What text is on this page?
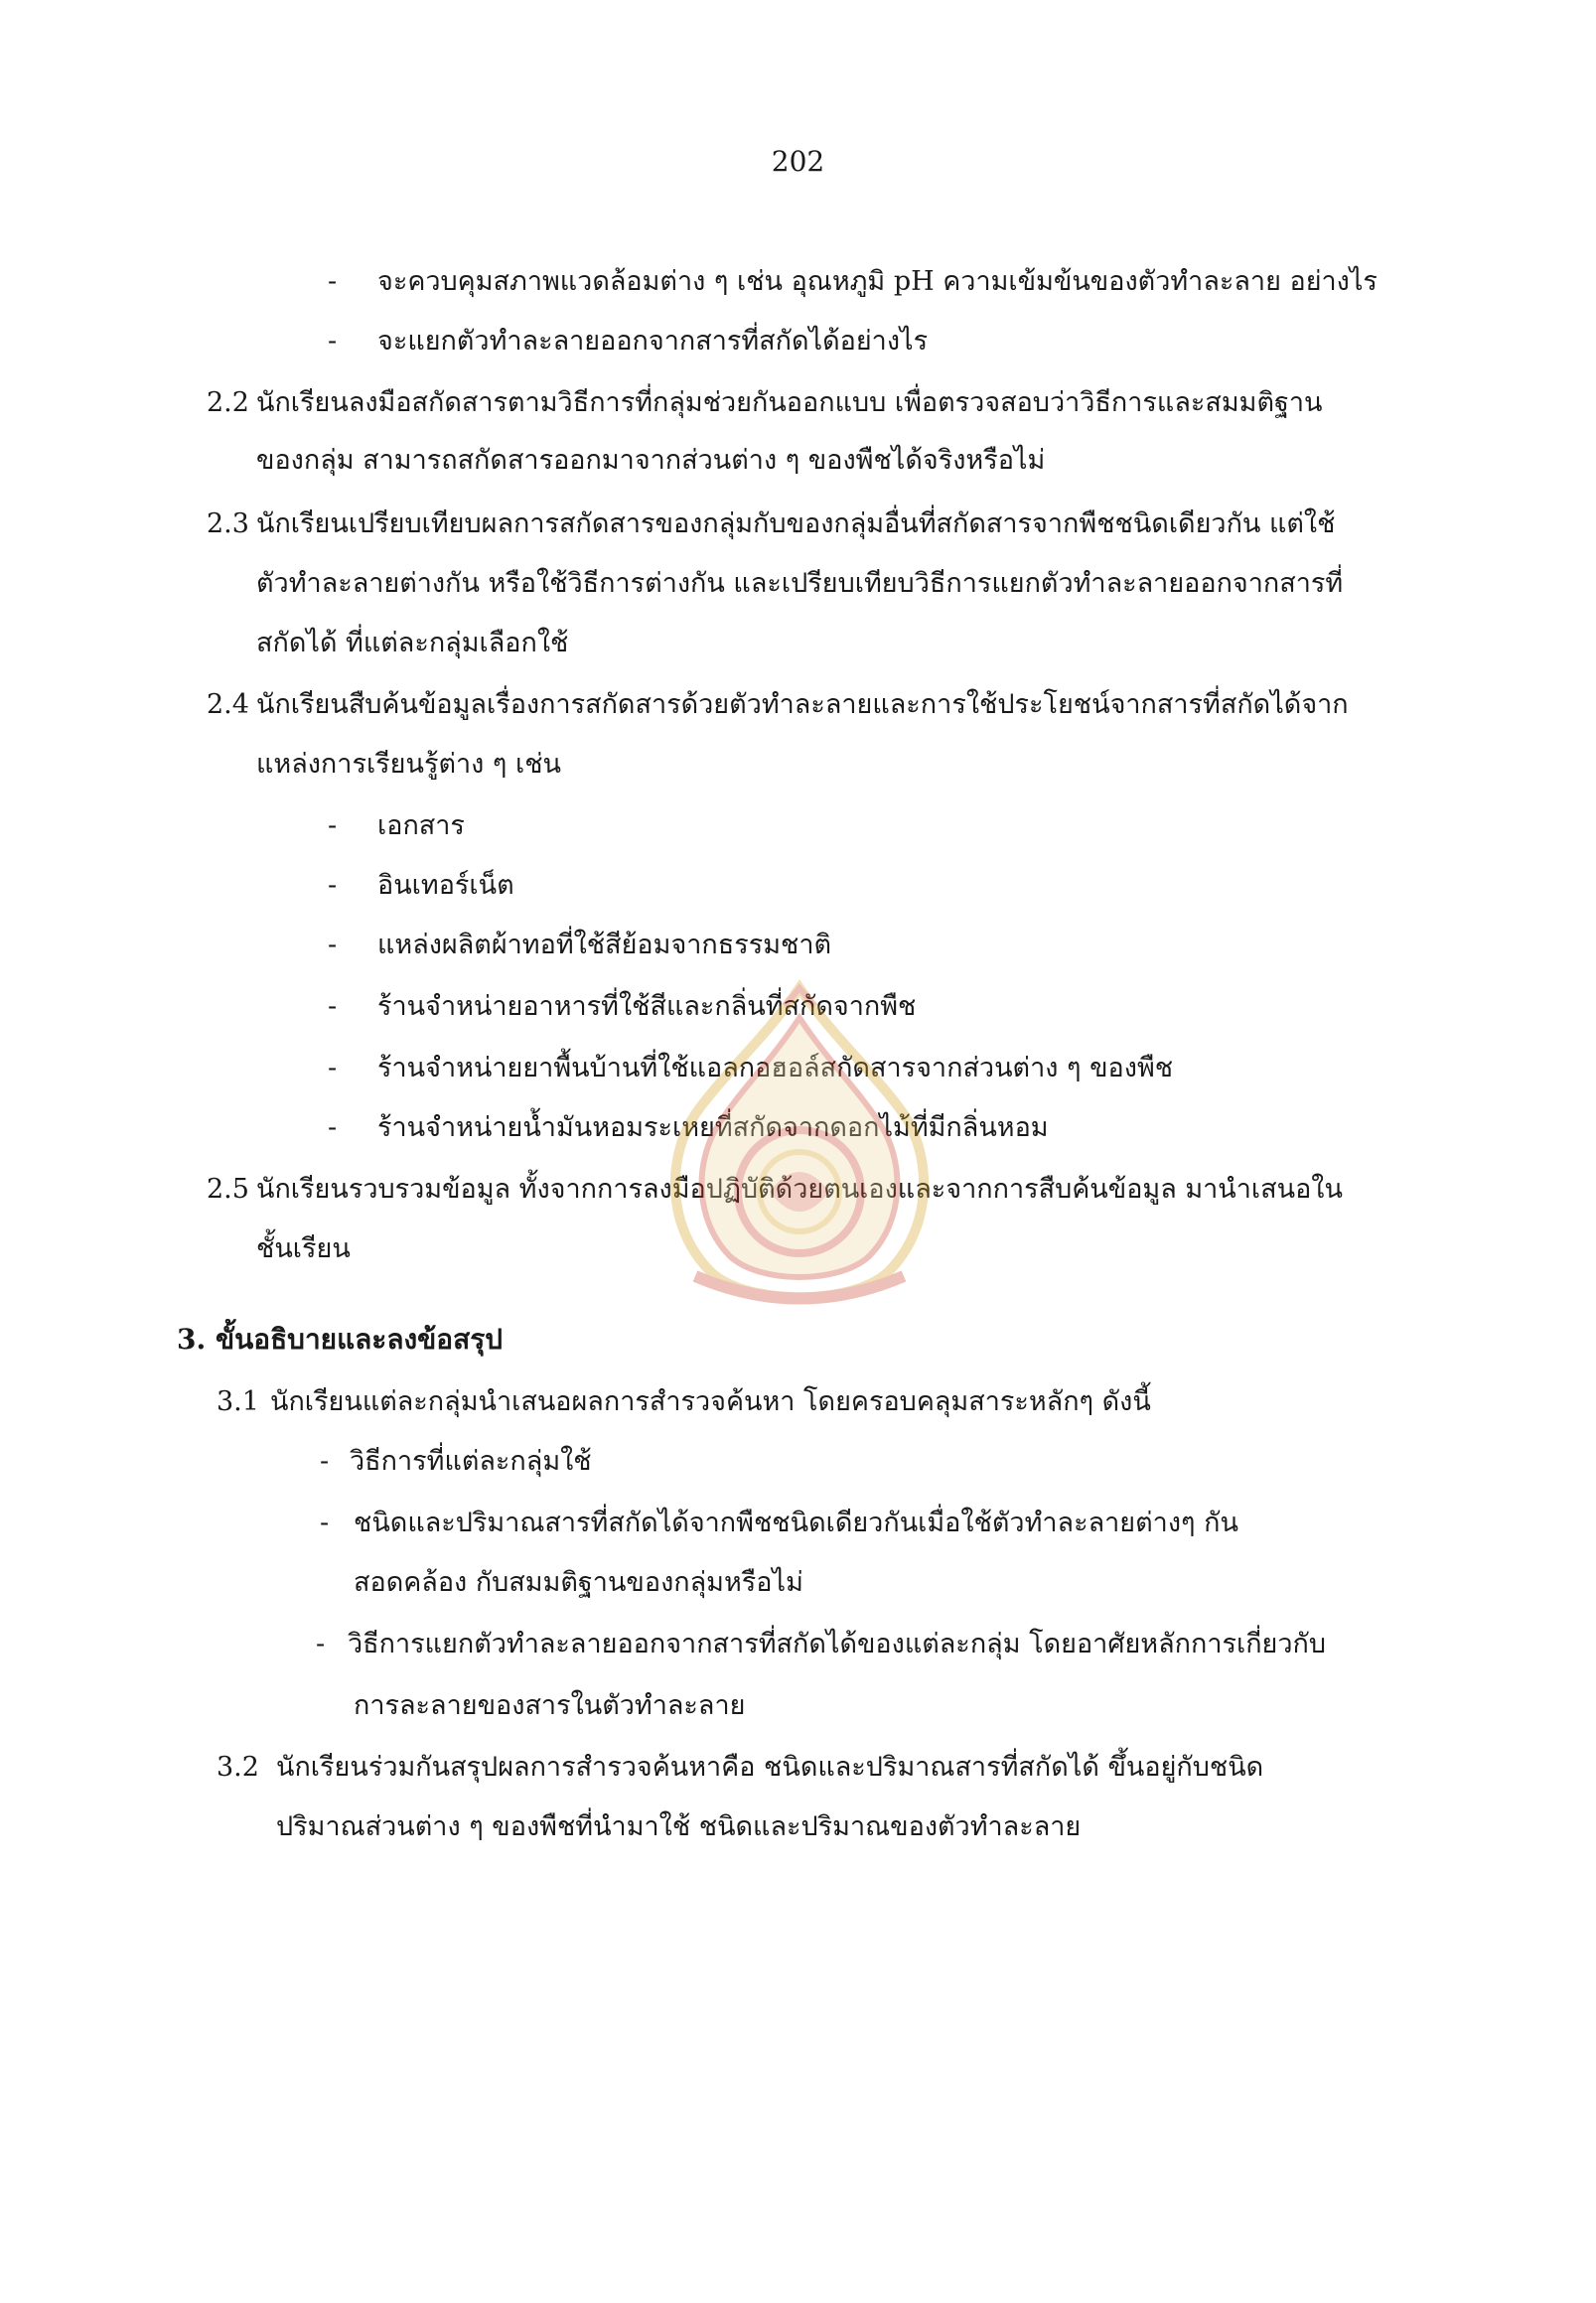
202
- จะควบคุมสภาพแวดล้อมต่าง ๆ เช่น อุณหภูมิ pH ความเข้มข้นของตัวทำละลาย อย่างไร
- จะแยกตัวทำละลายออกจากสารที่สกัดได้อย่างไร
2.2 นักเรียนลงมือสกัดสารตามวิธีการที่กลุ่มช่วยกันออกแบบ เพื่อตรวจสอบว่าวิธีการและสมมติฐาน
ของกลุ่ม สามารถสกัดสารออกมาจากส่วนต่าง ๆ ของพืชได้จริงหรือไม่
2.3 นักเรียนเปรียบเทียบผลการสกัดสารของกลุ่มกับของกลุ่มอื่นที่สกัดสารจากพืชชนิดเดียวกัน แต่ใช้
ตัวทำละลายต่างกัน หรือใช้วิธีการต่างกัน และเปรียบเทียบวิธีการแยกตัวทำละลายออกจากสารที่
สกัดได้ ที่แต่ละกลุ่มเลือกใช้
2.4 นักเรียนสืบค้นข้อมูลเรื่องการสกัดสารด้วยตัวทำละลายและการใช้ประโยชน์จากสารที่สกัดได้จาก
แหล่งการเรียนรู้ต่าง ๆ เช่น
- เอกสาร
- อินเทอร์เน็ต
- แหล่งผลิตผ้าทอที่ใช้สีย้อมจากธรรมชาติ
- ร้านจำหน่ายอาหารที่ใช้สีและกลิ่นที่สกัดจากพืช
- ร้านจำหน่ายยาพื้นบ้านที่ใช้แอลกอฮอล์สกัดสารจากส่วนต่าง ๆ ของพืช
- ร้านจำหน่ายน้ำมันหอมระเหยที่สกัดจากดอกไม้ที่มีกลิ่นหอม
2.5 นักเรียนรวบรวมข้อมูล ทั้งจากการลงมือปฏิบัติด้วยตนเองและจากการสืบค้นข้อมูล มานำเสนอใน
ชั้นเรียน
3. ขั้นอธิบายและลงข้อสรุป
3.1 นักเรียนแต่ละกลุ่มนำเสนอผลการสำรวจค้นหา โดยครอบคลุมสาระหลักๆ ดังนี้
- วิธีการที่แต่ละกลุ่มใช้
- ชนิดและปริมาณสารที่สกัดได้จากพืชชนิดเดียวกันเมื่อใช้ตัวทำละลายต่างๆ กัน
สอดคล้อง กับสมมติฐานของกลุ่มหรือไม่
- วิธีการแยกตัวทำละลายออกจากสารที่สกัดได้ของแต่ละกลุ่ม โดยอาศัยหลักการเกี่ยวกับ
การละลายของสารในตัวทำละลาย
3.2 นักเรียนร่วมกันสรุปผลการสำรวจค้นหาคือ ชนิดและปริมาณสารที่สกัดได้ ขึ้นอยู่กับชนิด
ปริมาณส่วนต่าง ๆ ของพืชที่นำมาใช้ ชนิดและปริมาณของตัวทำละลาย
